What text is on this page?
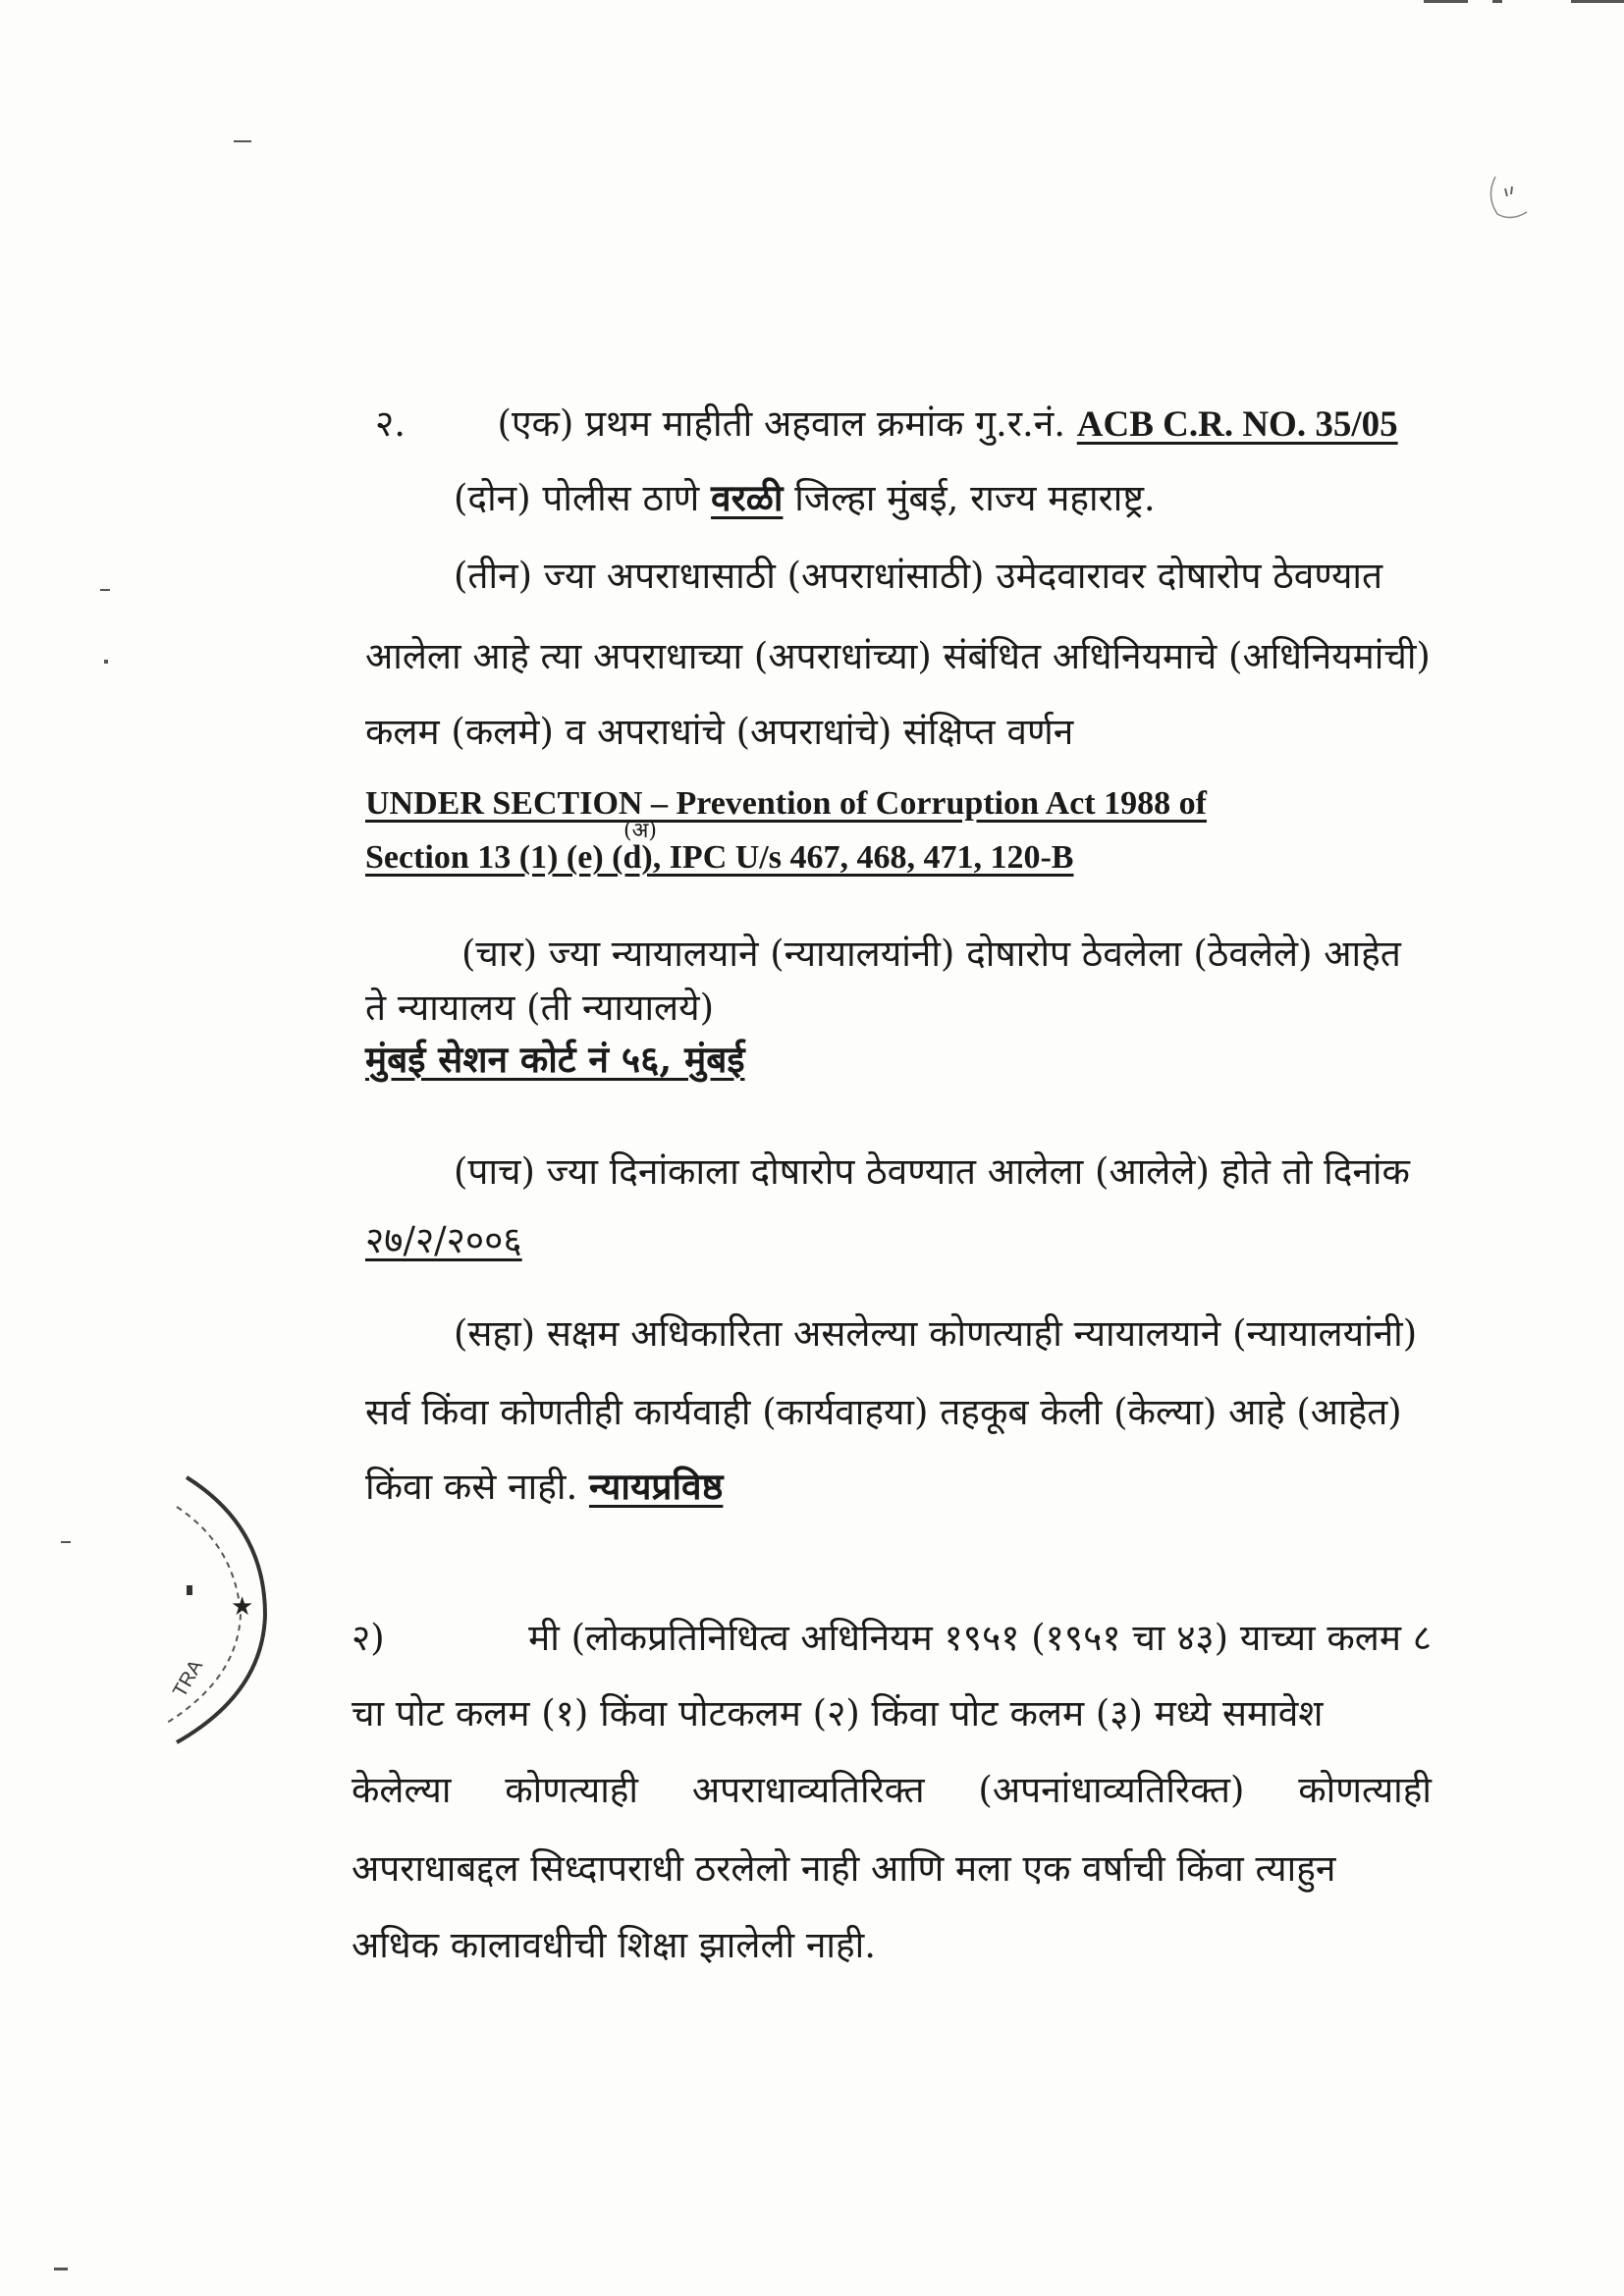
२.	(एक) प्रथम माहीती अहवाल क्रमांक गु.र.नं. ACB C.R. NO. 35/05
(दोन) पोलीस ठाणे वरळी जिल्हा मुंबई, राज्य महाराष्ट्र.
(तीन) ज्या अपराधासाठी (अपराधांसाठी) उमेदवारावर दोषारोप ठेवण्यात
आलेला आहे त्या अपराधाच्या (अपराधांच्या) संबंधित अधिनियमाचे (अधिनियमांची)
कलम (कलमे) व अपराधांचे (अपराधांचे) संक्षिप्त वर्णन
UNDER SECTION – Prevention of Corruption Act 1988 of
(अ)
Section 13 (1) (e) (d), IPC U/s 467, 468, 471, 120-B
(चार) ज्या न्यायालयाने (न्यायालयांनी) दोषारोप ठेवलेला (ठेवलेले) आहेत
ते न्यायालय (ती न्यायालये)
मुंबई सेशन कोर्ट नं ५६, मुंबई
(पाच) ज्या दिनांकाला दोषारोप ठेवण्यात आलेला (आलेले) होते तो दिनांक
२७/२/२००६
(सहा) सक्षम अधिकारिता असलेल्या कोणत्याही न्यायालयाने (न्यायालयांनी)
सर्व किंवा कोणतीही कार्यवाही (कार्यवाहया) तहकूब केली (केल्या) आहे (आहेत)
किंवा कसे नाही. न्यायप्रविष्ठ
★
TRA
२)	मी (लोकप्रतिनिधित्व अधिनियम १९५१ (१९५१ चा ४३) याच्या कलम ८
चा पोट कलम (१) किंवा पोटकलम (२) किंवा पोट कलम (३) मध्ये समावेश
केलेल्या कोणत्याही अपराधाव्यतिरिक्त (अपनांधाव्यतिरिक्त) कोणत्याही
अपराधाबद्दल सिध्दापराधी ठरलेलो नाही आणि मला एक वर्षाची किंवा त्याहुन
अधिक कालावधीची शिक्षा झालेली नाही.
